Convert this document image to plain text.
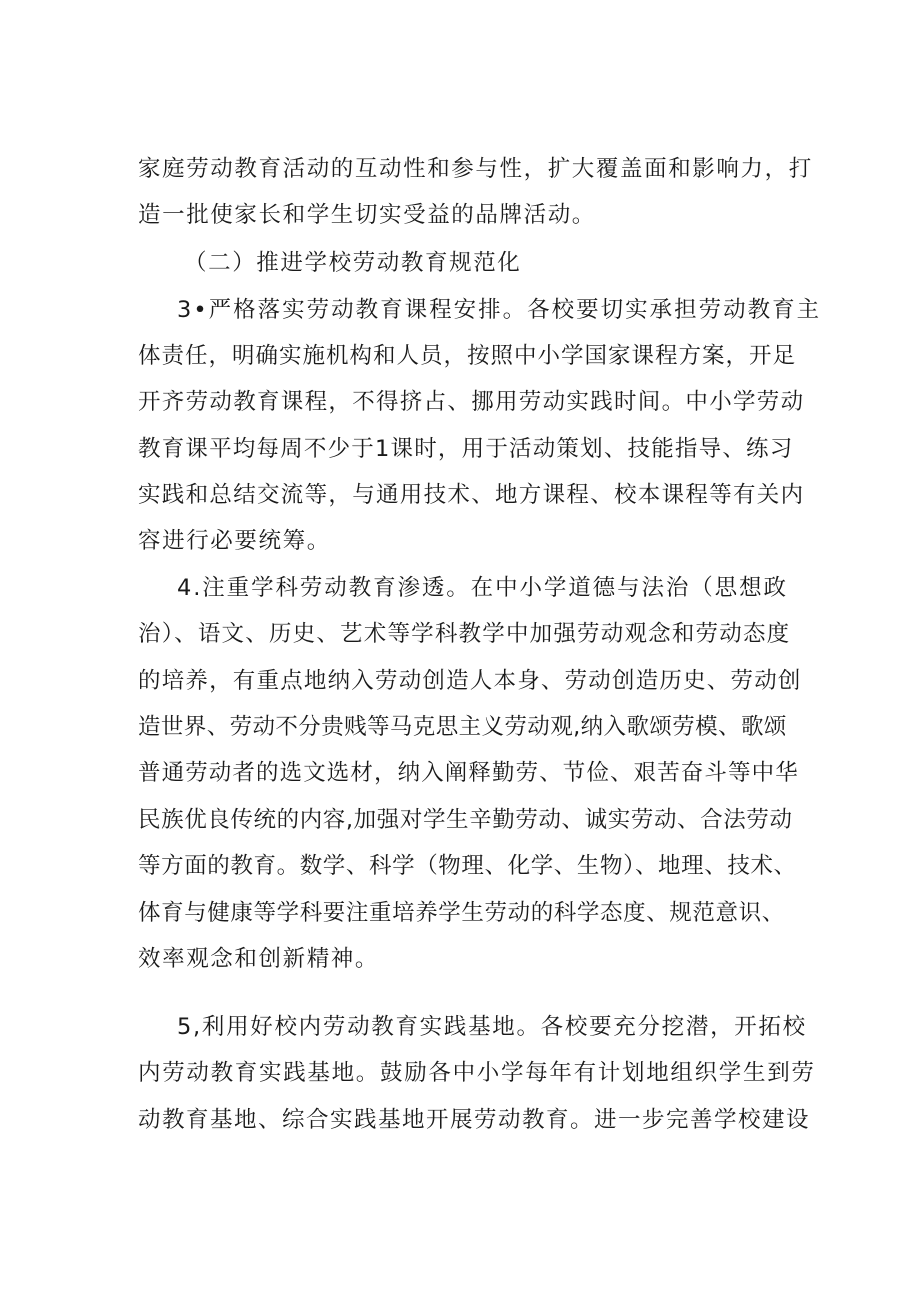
家庭劳动教育活动的互动性和参与性，扩大覆盖面和影响力，打
造一批使家长和学生切实受益的品牌活动。
（二）推进学校劳动教育规范化
3•严格落实劳动教育课程安排。各校要切实承担劳动教育主
体责任，明确实施机构和人员，按照中小学国家课程方案，开足
开齐劳动教育课程，不得挤占、挪用劳动实践时间。中小学劳动
教育课平均每周不少于1课时，用于活动策划、技能指导、练习
实践和总结交流等，与通用技术、地方课程、校本课程等有关内
容进行必要统筹。
4.注重学科劳动教育渗透。在中小学道德与法治（思想政
治）、语文、历史、艺术等学科教学中加强劳动观念和劳动态度
的培养，有重点地纳入劳动创造人本身、劳动创造历史、劳动创
造世界、劳动不分贵贱等马克思主义劳动观,纳入歌颂劳模、歌颂
普通劳动者的选文选材，纳入阐释勤劳、节俭、艰苦奋斗等中华
民族优良传统的内容,加强对学生辛勤劳动、诚实劳动、合法劳动
等方面的教育。数学、科学（物理、化学、生物）、地理、技术、
体育与健康等学科要注重培养学生劳动的科学态度、规范意识、
效率观念和创新精神。
5,利用好校内劳动教育实践基地。各校要充分挖潜，开拓校
内劳动教育实践基地。鼓励各中小学每年有计划地组织学生到劳
动教育基地、综合实践基地开展劳动教育。进一步完善学校建设
